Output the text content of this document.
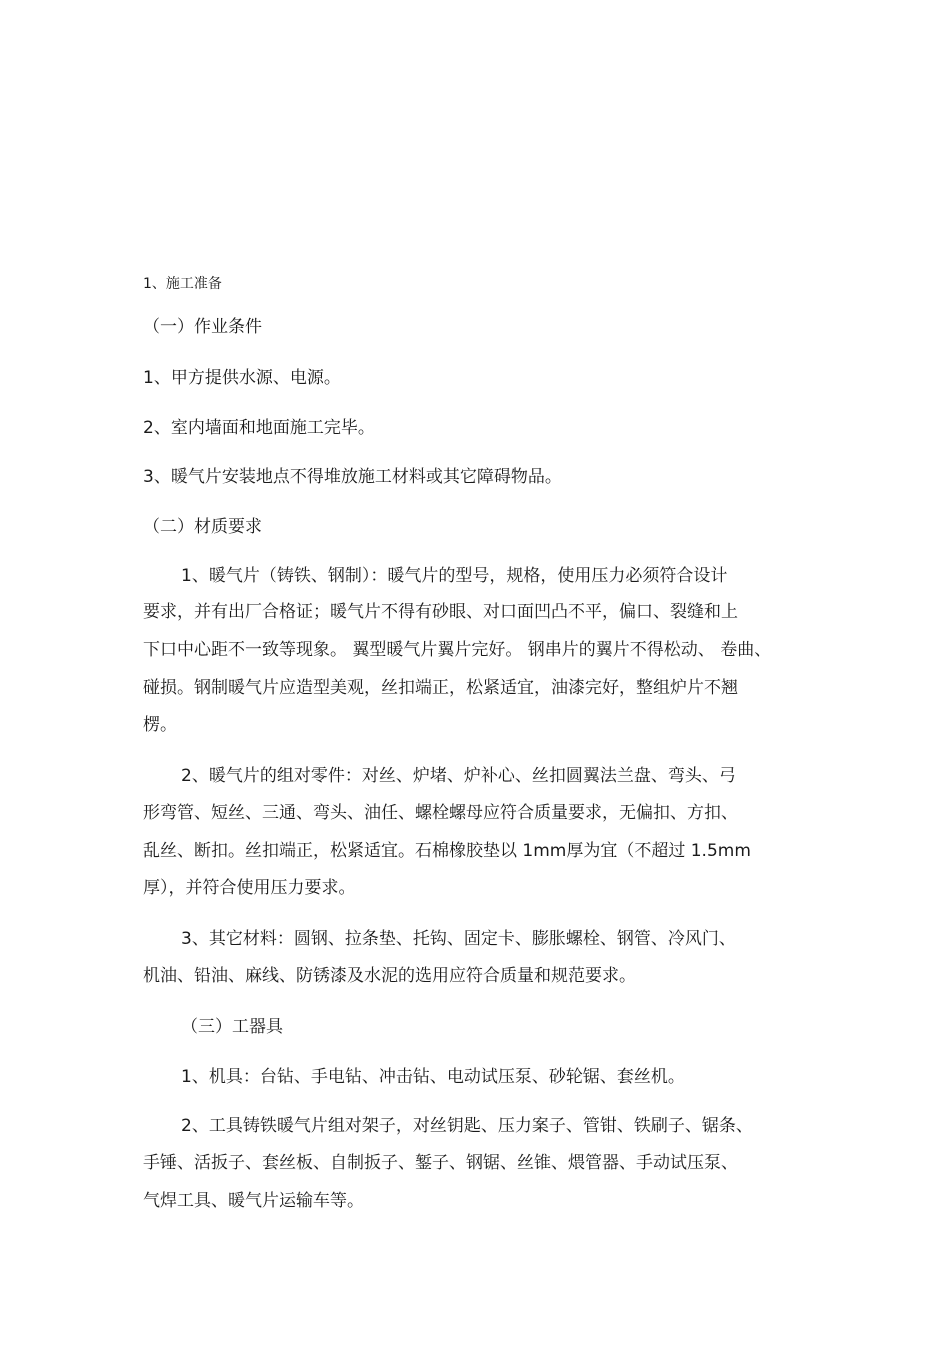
1、施工准备

（一）作业条件

1、甲方提供水源、电源。

2、室内墙面和地面施工完毕。

3、暖气片安装地点不得堆放施工材料或其它障碍物品。

（二）材质要求

1、暖气片（铸铁、钢制）：暖气片的型号，规格，使用压力必须符合设计

要求，并有出厂合格证；暖气片不得有砂眼、对口面凹凸不平，偏口、裂缝和上

下口中心距不一致等现象。 翼型暖气片翼片完好。 钢串片的翼片不得松动、 卷曲、

碰损。钢制暖气片应造型美观，丝扣端正，松紧适宜，油漆完好，整组炉片不翘

楞。

2、暖气片的组对零件：对丝、炉堵、炉补心、丝扣圆翼法兰盘、弯头、弓

形弯管、短丝、三通、弯头、油任、螺栓螺母应符合质量要求，无偏扣、方扣、

乱丝、断扣。丝扣端正，松紧适宜。石棉橡胶垫以 1mm厚为宜（不超过 1.5mm

厚），并符合使用压力要求。

3、其它材料：圆钢、拉条垫、托钩、固定卡、膨胀螺栓、钢管、冷风门、

机油、铅油、麻线、防锈漆及水泥的选用应符合质量和规范要求。

（三）工器具

1、机具：台钻、手电钻、冲击钻、电动试压泵、砂轮锯、套丝机。

2、工具铸铁暖气片组对架子，对丝钥匙、压力案子、管钳、铁刷子、锯条、

手锤、活扳子、套丝板、自制扳子、錾子、钢锯、丝锥、煨管器、手动试压泵、

气焊工具、暖气片运输车等。
